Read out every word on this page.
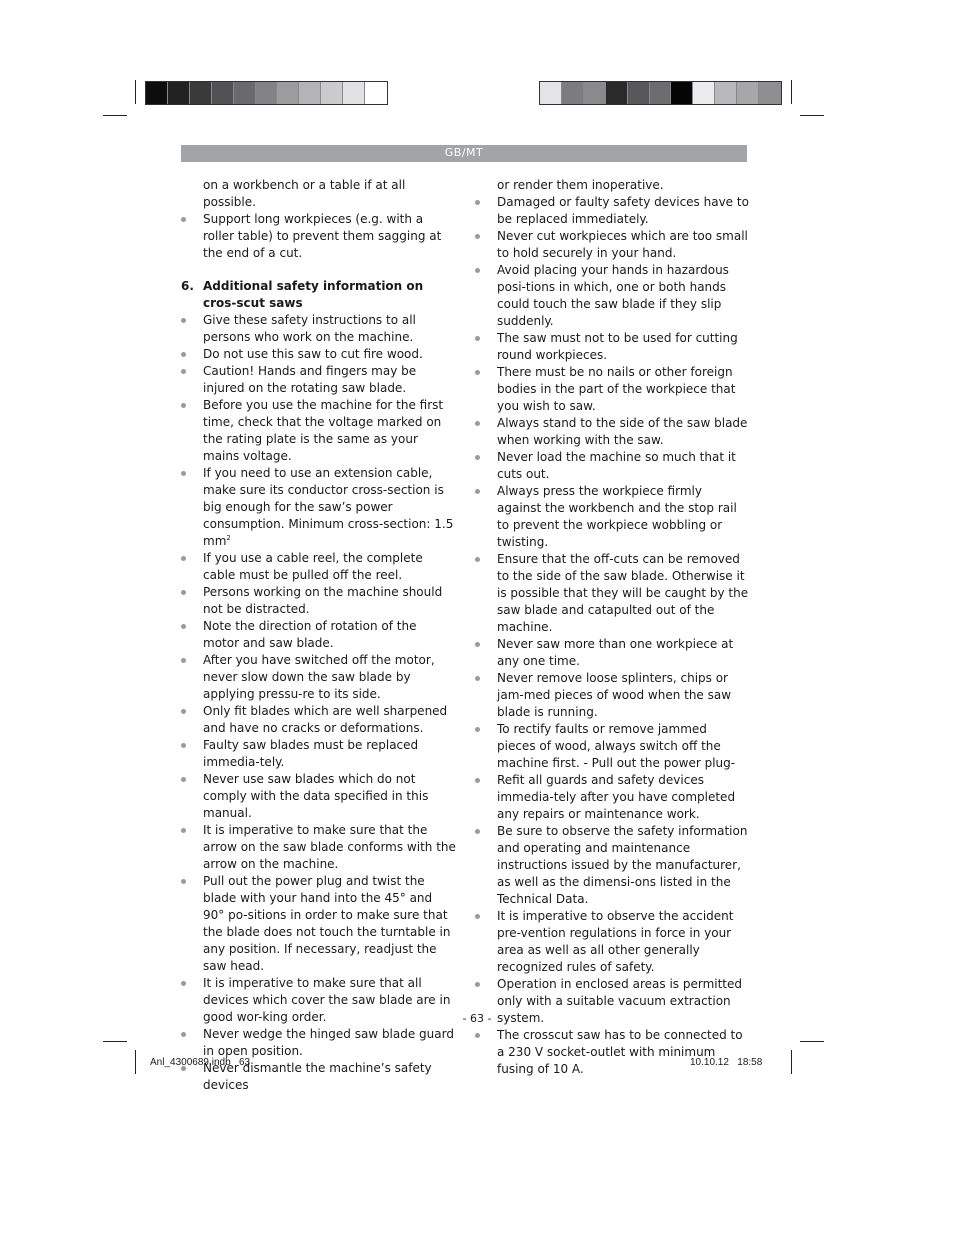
GB/MT
on a workbench or a table if at all possible.
Support long workpieces (e.g. with a roller table) to prevent them sagging at the end of a cut.
6. Additional safety information on cros-scut saws
Give these safety instructions to all persons who work on the machine.
Do not use this saw to cut fire wood.
Caution! Hands and fingers may be injured on the rotating saw blade.
Before you use the machine for the first time, check that the voltage marked on the rating plate is the same as your mains voltage.
If you need to use an extension cable, make sure its conductor cross-section is big enough for the saw’s power consumption. Minimum cross-section: 1.5 $mm^2$
If you use a cable reel, the complete cable must be pulled off the reel.
Persons working on the machine should not be distracted.
Note the direction of rotation of the motor and saw blade.
After you have switched off the motor, never slow down the saw blade by applying pressu-re to its side.
Only fit blades which are well sharpened and have no cracks or deformations.
Faulty saw blades must be replaced immedia-tely.
Never use saw blades which do not comply with the data specified in this manual.
It is imperative to make sure that the arrow on the saw blade conforms with the arrow on the machine.
Pull out the power plug and twist the blade with your hand into the 45° and 90° po-sitions in order to make sure that the blade does not touch the turntable in any position. If necessary, readjust the saw head.
It is imperative to make sure that all devices which cover the saw blade are in good wor-king order.
Never wedge the hinged saw blade guard in open position.
Never dismantle the machine’s safety devices
or render them inoperative.
Damaged or faulty safety devices have to be replaced immediately.
Never cut workpieces which are too small to hold securely in your hand.
Avoid placing your hands in hazardous posi-tions in which, one or both hands could touch the saw blade if they slip suddenly.
The saw must not to be used for cutting round workpieces.
There must be no nails or other foreign bodies in the part of the workpiece that you wish to saw.
Always stand to the side of the saw blade when working with the saw.
Never load the machine so much that it cuts out.
Always press the workpiece firmly against the workbench and the stop rail to prevent the workpiece wobbling or twisting.
Ensure that the off-cuts can be removed to the side of the saw blade. Otherwise it is possible that they will be caught by the saw blade and catapulted out of the machine.
Never saw more than one workpiece at any one time.
Never remove loose splinters, chips or jam-med pieces of wood when the saw blade is running.
To rectify faults or remove jammed pieces of wood, always switch off the machine first. - Pull out the power plug-
Refit all guards and safety devices immedia-tely after you have completed any repairs or maintenance work.
Be sure to observe the safety information and operating and maintenance instructions issued by the manufacturer, as well as the dimensi-ons listed in the Technical Data.
It is imperative to observe the accident pre-vention regulations in force in your area as well as all other generally recognized rules of safety.
Operation in enclosed areas is permitted only with a suitable vacuum extraction system.
The crosscut saw has to be connected to a 230 V socket-outlet with minimum fusing of 10 A.
- 63 -
Anl_4300689.indb   63	10.10.12   18:58
